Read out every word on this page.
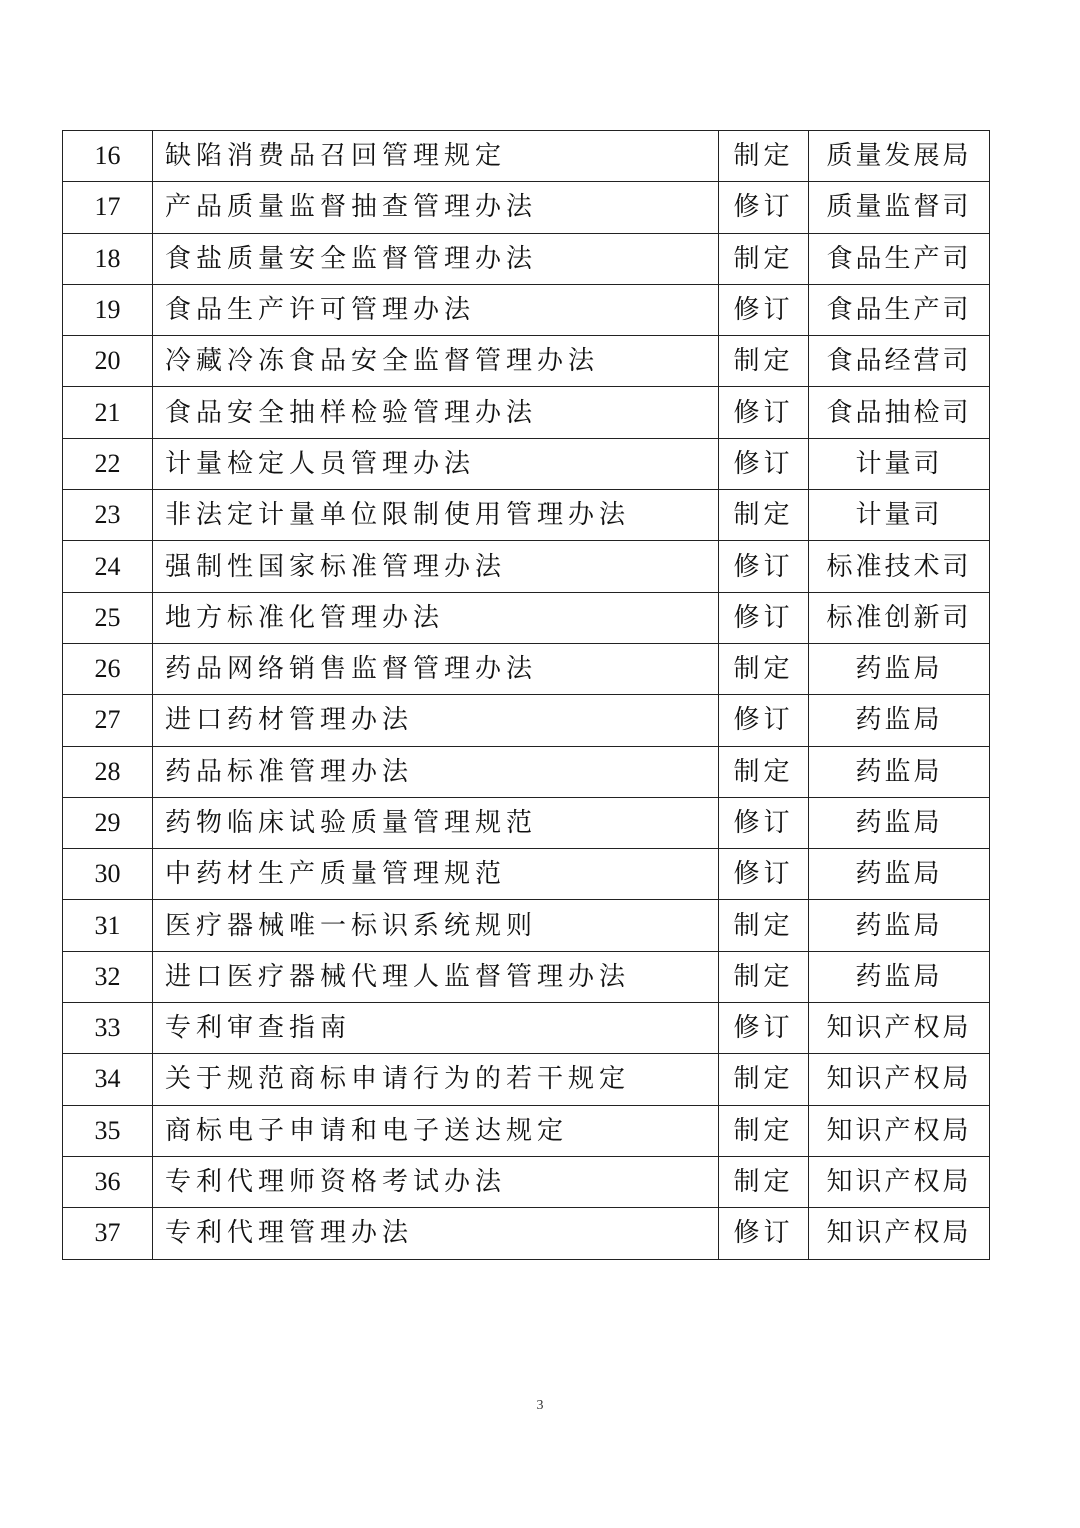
16	缺陷消费品召回管理规定	制定	质量发展局
17	产品质量监督抽查管理办法	修订	质量监督司
18	食盐质量安全监督管理办法	制定	食品生产司
19	食品生产许可管理办法	修订	食品生产司
20	冷藏冷冻食品安全监督管理办法	制定	食品经营司
21	食品安全抽样检验管理办法	修订	食品抽检司
22	计量检定人员管理办法	修订	计量司
23	非法定计量单位限制使用管理办法	制定	计量司
24	强制性国家标准管理办法	修订	标准技术司
25	地方标准化管理办法	修订	标准创新司
26	药品网络销售监督管理办法	制定	药监局
27	进口药材管理办法	修订	药监局
28	药品标准管理办法	制定	药监局
29	药物临床试验质量管理规范	修订	药监局
30	中药材生产质量管理规范	修订	药监局
31	医疗器械唯一标识系统规则	制定	药监局
32	进口医疗器械代理人监督管理办法	制定	药监局
33	专利审查指南	修订	知识产权局
34	关于规范商标申请行为的若干规定	制定	知识产权局
35	商标电子申请和电子送达规定	制定	知识产权局
36	专利代理师资格考试办法	制定	知识产权局
37	专利代理管理办法	修订	知识产权局
3
